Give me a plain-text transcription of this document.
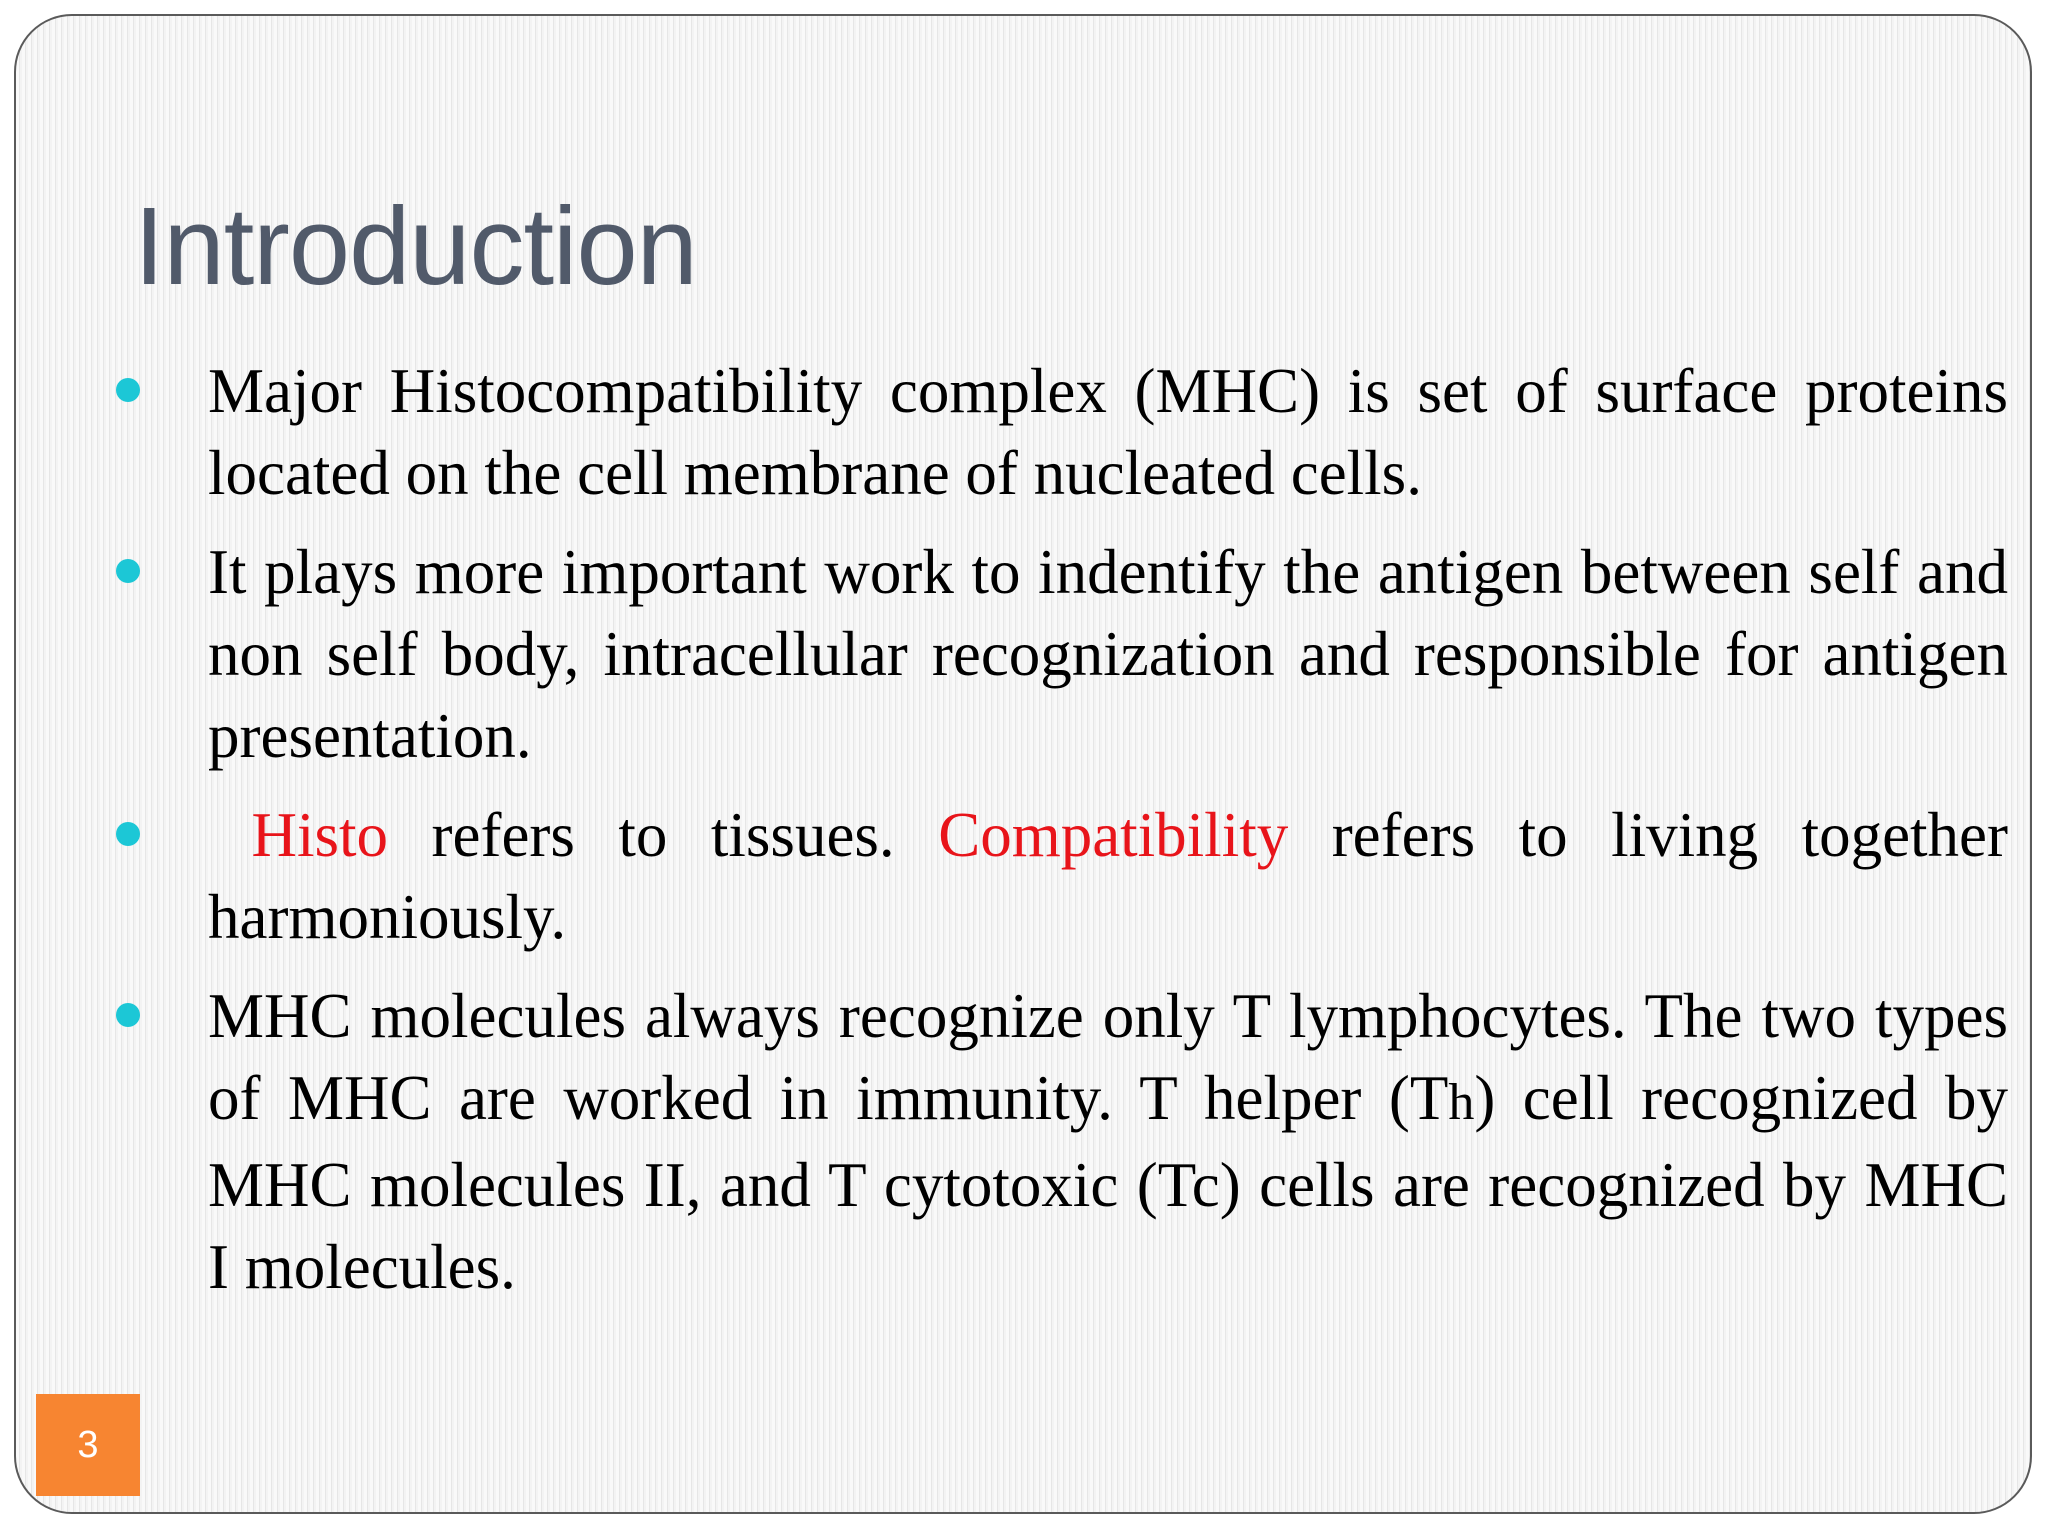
Introduction
Major Histocompatibility complex (MHC) is set of surface proteins located on the cell membrane of nucleated cells.
It plays more important work to indentify the antigen between self and non self body, intracellular recognization and responsible for antigen presentation.
Histo refers to tissues. Compatibility refers to living together harmoniously.
MHC molecules always recognize only T lymphocytes. The two types of MHC are worked in immunity. T helper (Th) cell recognized by MHC molecules II, and T cytotoxic (Tc) cells are recognized by MHC I molecules.
3
